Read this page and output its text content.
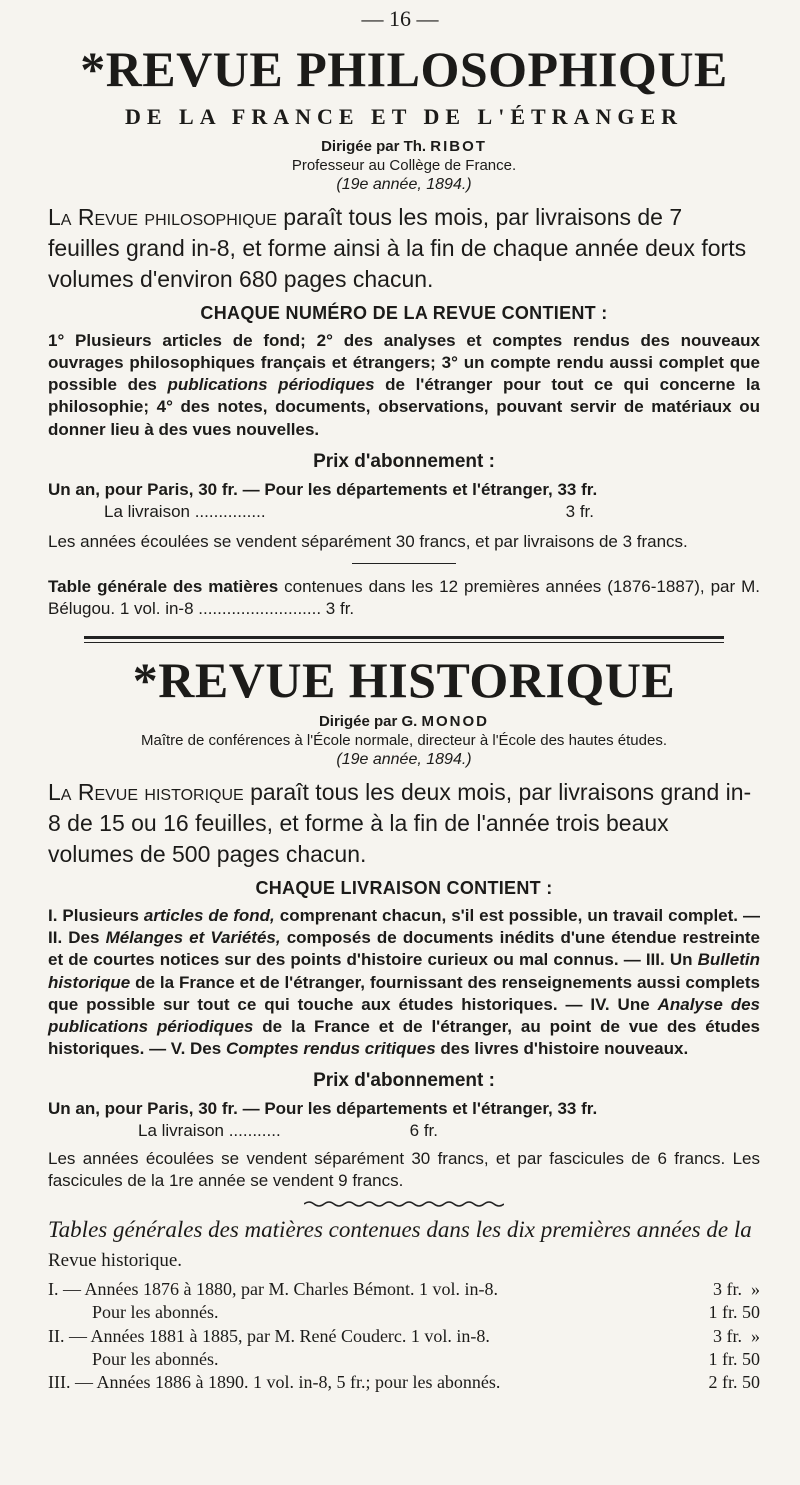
— 16 —
*REVUE PHILOSOPHIQUE
DE LA FRANCE ET DE L'ÉTRANGER
Dirigée par Th. RIBOT
Professeur au Collège de France.
(19e année, 1894.)

La Revue philosophique paraît tous les mois, par livraisons de 7 feuilles grand in-8, et forme ainsi à la fin de chaque année deux forts volumes d'environ 680 pages chacun.

CHAQUE NUMÉRO DE LA REVUE CONTIENT :

1° Plusieurs articles de fond; 2° des analyses et comptes rendus des nouveaux ouvrages philosophiques français et étrangers; 3° un compte rendu aussi complet que possible des publications périodiques de l'étranger pour tout ce qui concerne la philosophie; 4° des notes, documents, observations, pouvant servir de matériaux ou donner lieu à des vues nouvelles.

Prix d'abonnement :
Un an, pour Paris, 30 fr. — Pour les départements et l'étranger, 33 fr.
La livraison ...............	3 fr.

Les années écoulées se vendent séparément 30 francs, et par livraisons de 3 francs.

Table générale des matières contenues dans les 12 premières années (1876-1887), par M. Bélugou. 1 vol. in-8 .......................... 3 fr.

*REVUE HISTORIQUE
Dirigée par G. MONOD
Maître de conférences à l'École normale, directeur à l'École des hautes études.
(19e année, 1894.)

La Revue historique paraît tous les deux mois, par livraisons grand in-8 de 15 ou 16 feuilles, et forme à la fin de l'année trois beaux volumes de 500 pages chacun.

CHAQUE LIVRAISON CONTIENT :

I. Plusieurs articles de fond, comprenant chacun, s'il est possible, un travail complet. — II. Des Mélanges et Variétés, composés de documents inédits d'une étendue restreinte et de courtes notices sur des points d'histoire curieux ou mal connus. — III. Un Bulletin historique de la France et de l'étranger, fournissant des renseignements aussi complets que possible sur tout ce qui touche aux études historiques. — IV. Une Analyse des publications périodiques de la France et de l'étranger, au point de vue des études historiques. — V. Des Comptes rendus critiques des livres d'histoire nouveaux.

Prix d'abonnement :
Un an, pour Paris, 30 fr. — Pour les départements et l'étranger, 33 fr.
La livraison ...........	6 fr.

Les années écoulées se vendent séparément 30 francs, et par fascicules de 6 francs. Les fascicules de la 1re année se vendent 9 francs.

Tables générales des matières contenues dans les dix premières années de la Revue historique.
I. — Années 1876 à 1880, par M. Charles Bémont. 1 vol. in-8.	3 fr.  »
Pour les abonnés.	1 fr. 50
II. — Années 1881 à 1885, par M. René Couderc. 1 vol. in-8.	3 fr.  »
Pour les abonnés.	1 fr. 50
III. — Années 1886 à 1890. 1 vol. in-8, 5 fr.; pour les abonnés.	2 fr. 50
